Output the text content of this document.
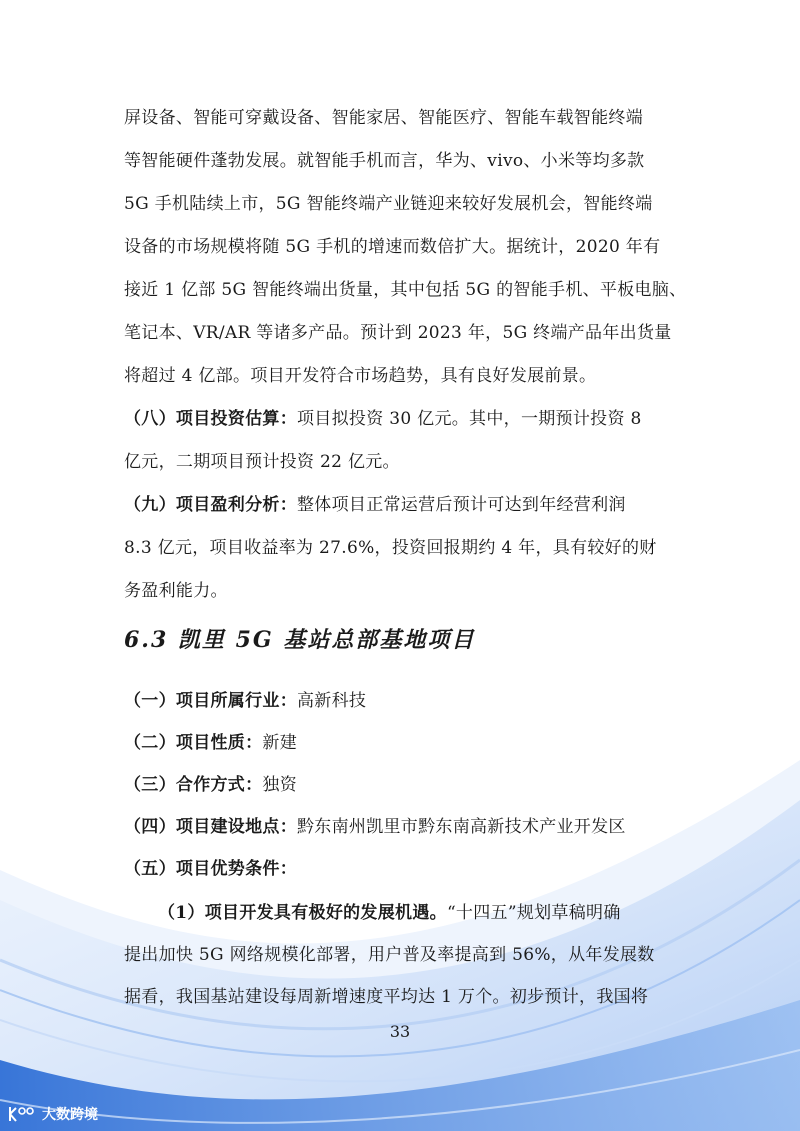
屏设备、智能可穿戴设备、智能家居、智能医疗、智能车载智能终端
等智能硬件蓬勃发展。就智能手机而言，华为、vivo、小米等均多款
5G 手机陆续上市，5G 智能终端产业链迎来较好发展机会，智能终端
设备的市场规模将随 5G 手机的增速而数倍扩大。据统计，2020 年有
接近 1 亿部 5G 智能终端出货量，其中包括 5G 的智能手机、平板电脑、
笔记本、VR/AR 等诸多产品。预计到 2023 年，5G 终端产品年出货量
将超过 4 亿部。项目开发符合市场趋势，具有良好发展前景。
（八）项目投资估算：项目拟投资 30 亿元。其中，一期预计投资 8
亿元，二期项目预计投资 22 亿元。
（九）项目盈利分析：整体项目正常运营后预计可达到年经营利润
8.3 亿元，项目收益率为 27.6%，投资回报期约 4 年，具有较好的财
务盈利能力。
6.3 凯里 5G 基站总部基地项目
（一）项目所属行业：高新科技
（二）项目性质：新建
（三）合作方式：独资
（四）项目建设地点：黔东南州凯里市黔东南高新技术产业开发区
（五）项目优势条件：
（1）项目开发具有极好的发展机遇。“十四五”规划草稿明确
提出加快 5G 网络规模化部署，用户普及率提高到 56%，从年发展数
据看，我国基站建设每周新增速度平均达 1 万个。初步预计，我国将
33
大数跨境
